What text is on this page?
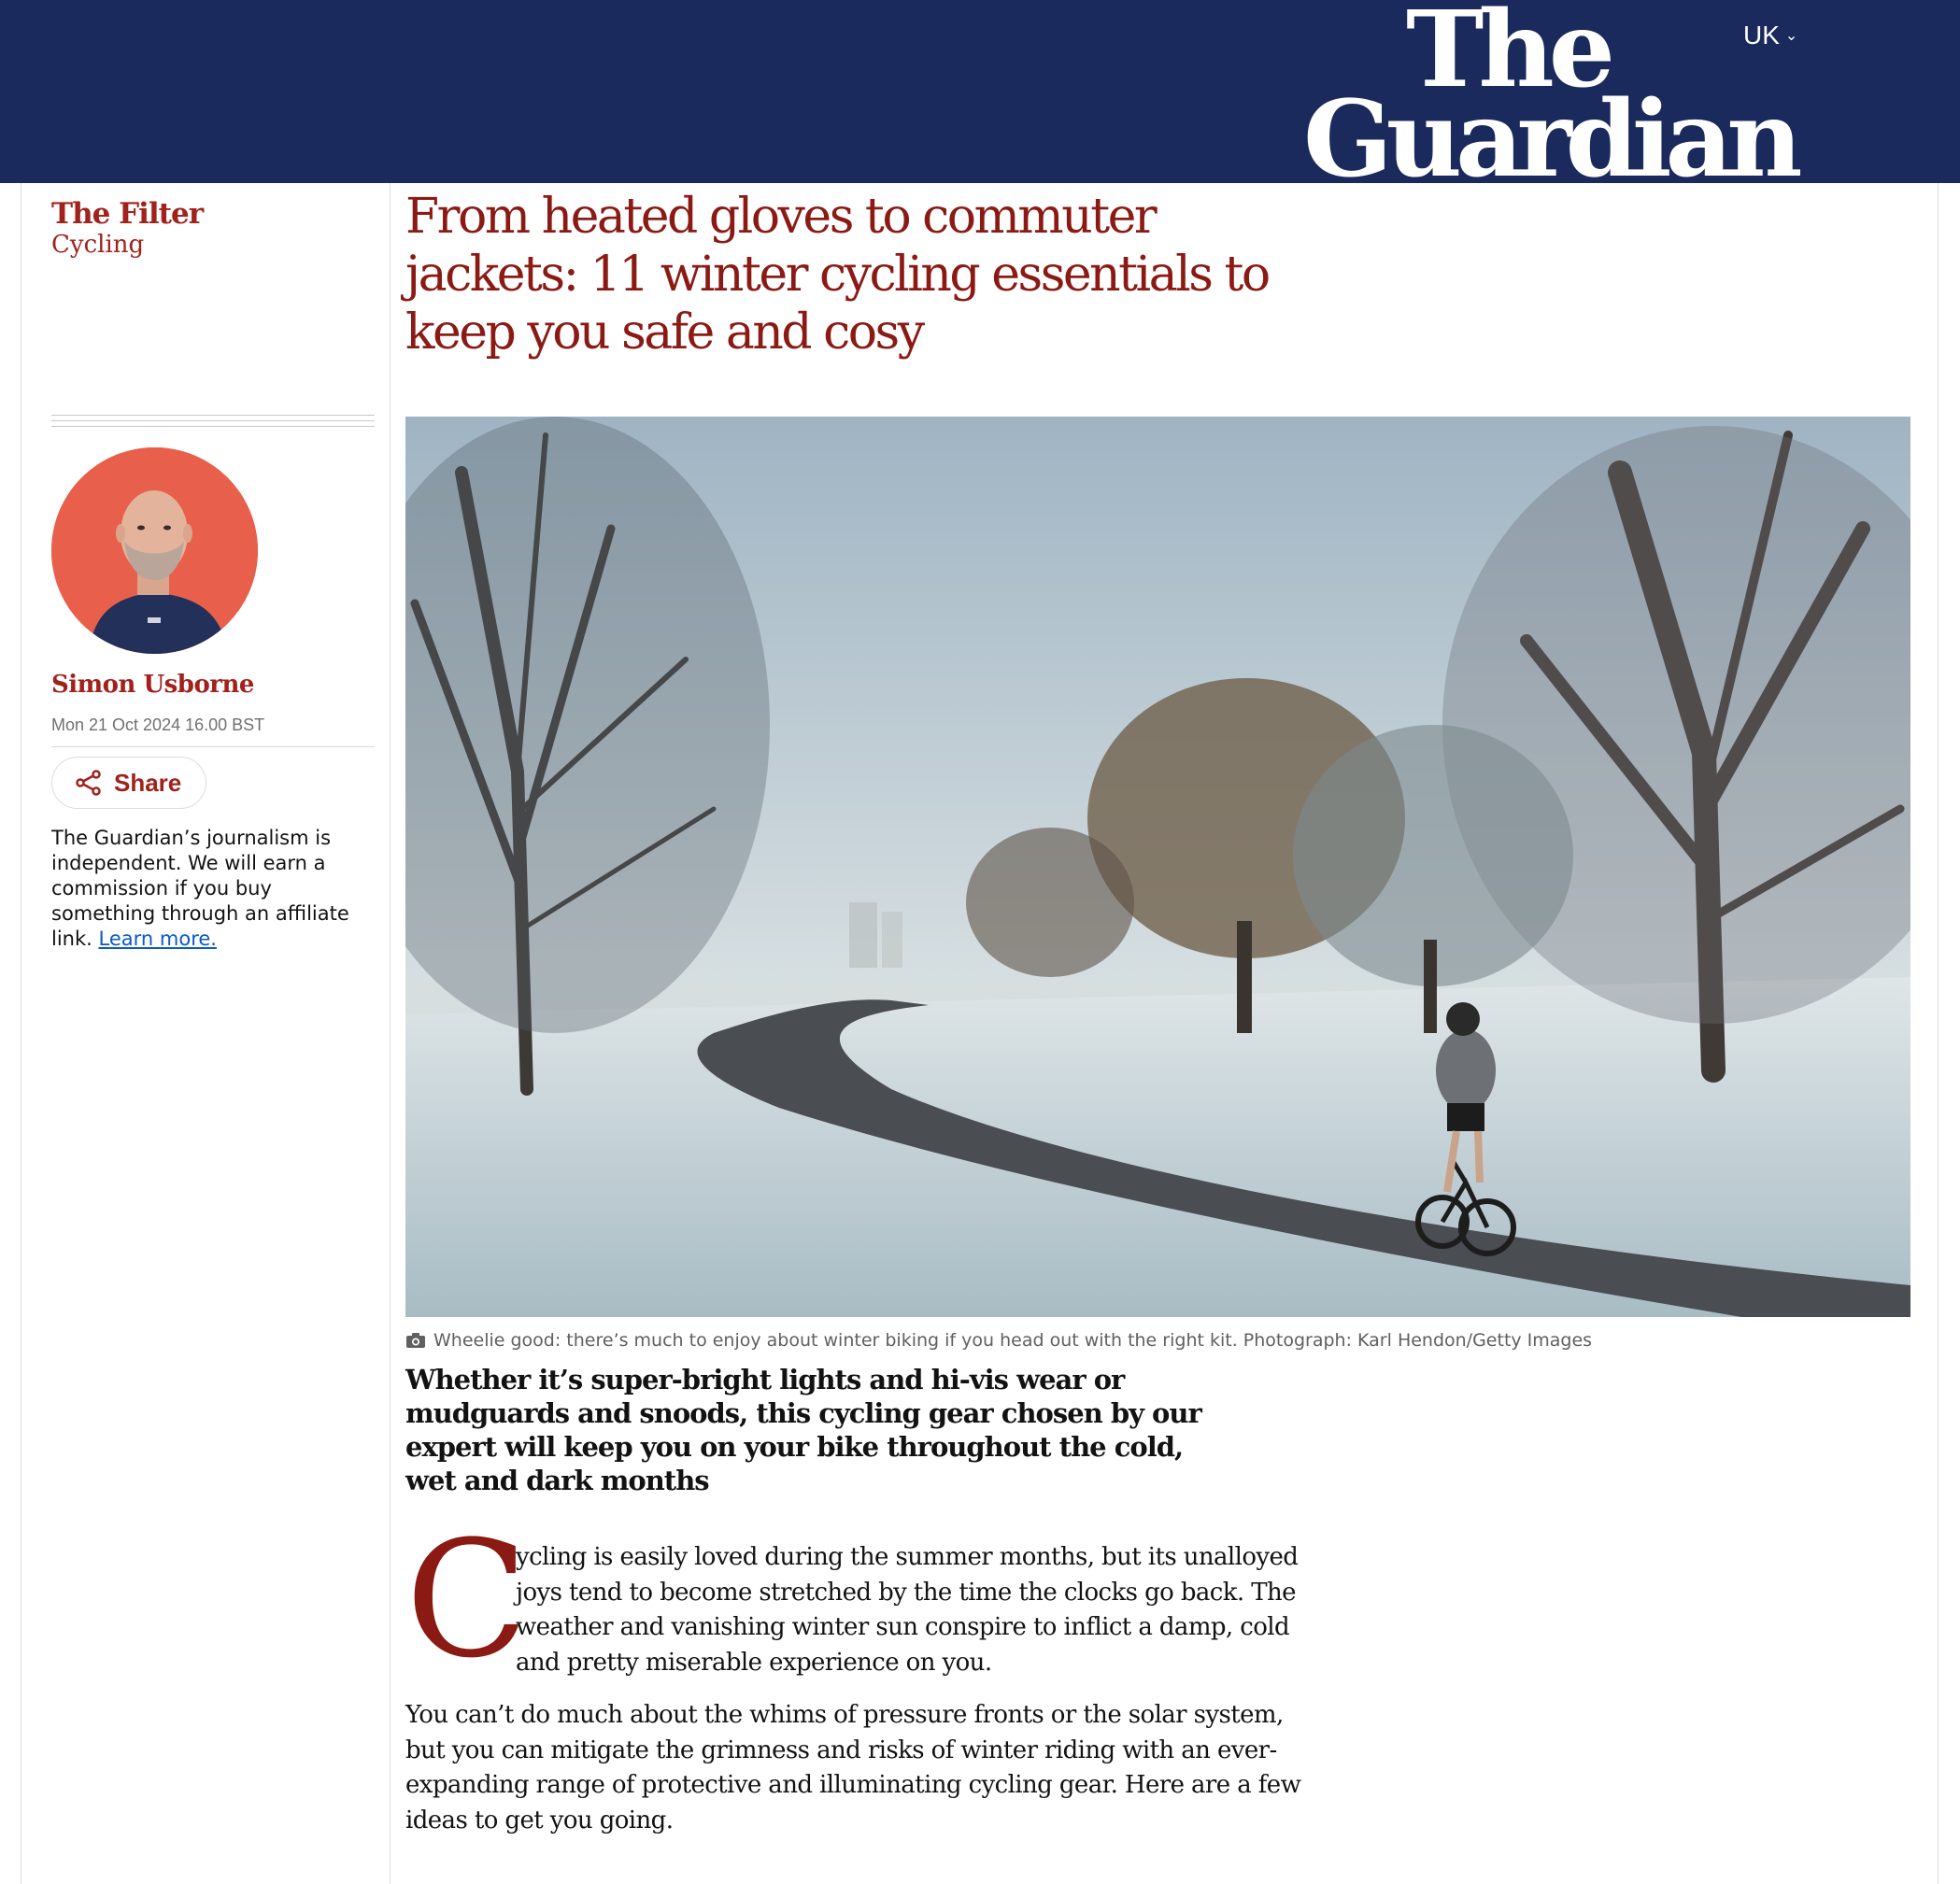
UK ⌄
The
Guardian
The Filter
Cycling
Simon Usborne
Mon 21 Oct 2024 16.00 BST
Share
The Guardian’s journalism is independent. We will earn a commission if you buy something through an affiliate link. Learn more.
From heated gloves to commuter jackets: 11 winter cycling essentials to keep you safe and cosy
Wheelie good: there’s much to enjoy about winter biking if you head out with the right kit. Photograph: Karl Hendon/Getty Images

Whether it’s super-bright lights and hi-vis wear or mudguards and snoods, this cycling gear chosen by our expert will keep you on your bike throughout the cold, wet and dark months

C

ycling is easily loved during the summer months, but its unalloyed joys tend to become stretched by the time the clocks go back. The weather and vanishing winter sun conspire to inflict a damp, cold and pretty miserable experience on you.

You can’t do much about the whims of pressure fronts or the solar system, but you can mitigate the grimness and risks of winter riding with an ever-expanding range of protective and illuminating cycling gear. Here are a few ideas to get you going.
